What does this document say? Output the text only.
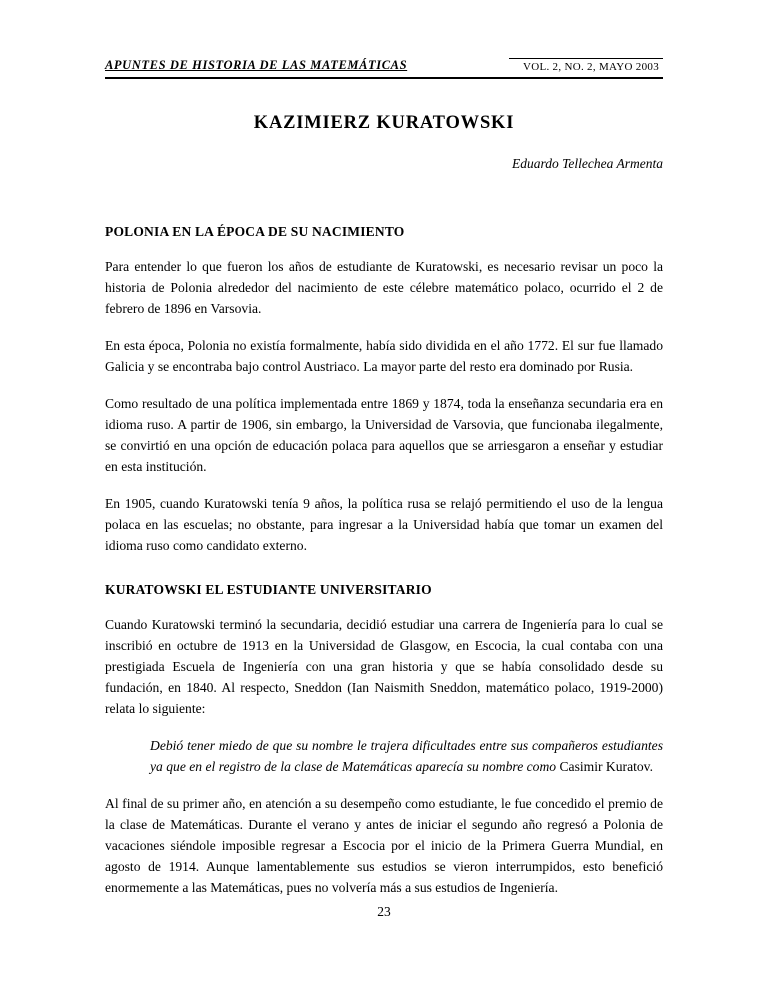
APUNTES DE HISTORIA DE LAS MATEMÁTICAS	VOL. 2, NO. 2, MAYO 2003
KAZIMIERZ KURATOWSKI
Eduardo Tellechea Armenta
POLONIA EN LA ÉPOCA DE SU NACIMIENTO

Para entender lo que fueron los años de estudiante de Kuratowski, es necesario revisar un poco la historia de Polonia alrededor del nacimiento de este célebre matemático polaco, ocurrido el 2 de febrero de 1896 en Varsovia.

En esta época, Polonia no existía formalmente, había sido dividida en el año 1772. El sur fue llamado Galicia y se encontraba bajo control Austriaco. La mayor parte del resto era dominado por Rusia.

Como resultado de una política implementada entre 1869 y 1874, toda la enseñanza secundaria era en idioma ruso. A partir de 1906, sin embargo, la Universidad de Varsovia, que funcionaba ilegalmente, se convirtió en una opción de educación polaca para aquellos que se arriesgaron a enseñar y estudiar en esta institución.

En 1905, cuando Kuratowski tenía 9 años, la política rusa se relajó permitiendo el uso de la lengua polaca en las escuelas; no obstante, para ingresar a la Universidad había que tomar un examen del idioma ruso como candidato externo.

KURATOWSKI EL ESTUDIANTE UNIVERSITARIO

Cuando Kuratowski terminó la secundaria, decidió estudiar una carrera de Ingeniería para lo cual se inscribió en octubre de 1913 en la Universidad de Glasgow, en Escocia, la cual contaba con una prestigiada Escuela de Ingeniería con una gran historia y que se había consolidado desde su fundación, en 1840. Al respecto, Sneddon (Ian Naismith Sneddon, matemático polaco, 1919-2000) relata lo siguiente:

Debió tener miedo de que su nombre le trajera dificultades entre sus compañeros estudiantes ya que en el registro de la clase de Matemáticas aparecía su nombre como Casimir Kuratov.

Al final de su primer año, en atención a su desempeño como estudiante, le fue concedido el premio de la clase de Matemáticas. Durante el verano y antes de iniciar el segundo año regresó a Polonia de vacaciones siéndole imposible regresar a Escocia por el inicio de la Primera Guerra Mundial, en agosto de 1914. Aunque lamentablemente sus estudios se vieron interrumpidos, esto benefició enormemente a las Matemáticas, pues no volvería más a sus estudios de Ingeniería.

23
